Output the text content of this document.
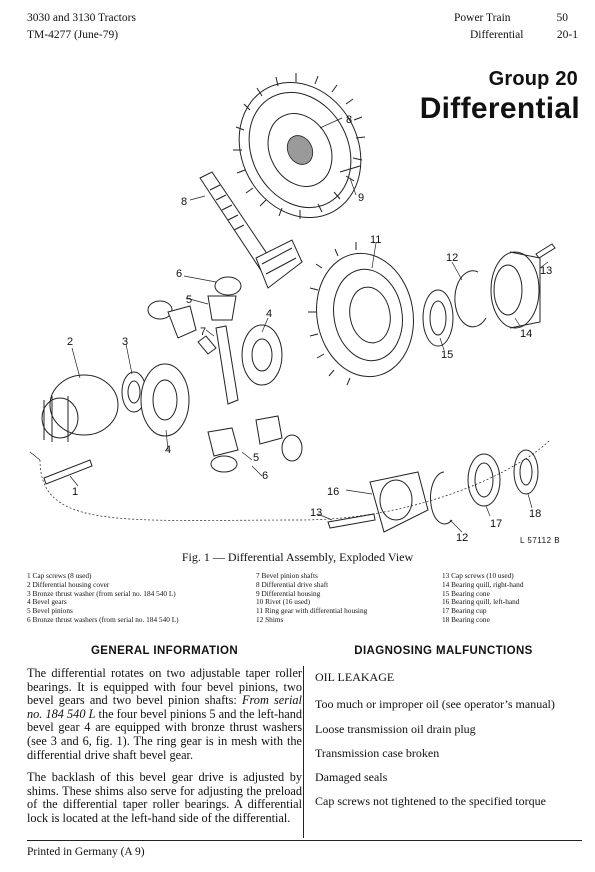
3030 and 3130 Tractors
TM-4277 (June-79)
Power Train	50
Differential	20-1
Group 20
Differential
8
9
8
11
12
13
14
15
6
5
7
4
2	3
4
5
6
1	16
13
17
18
12	L 57112 B
Fig. 1 — Differential Assembly, Exploded View
1 Cap screws (8 used)
2 Differential housing cover
3 Bronze thrust washer (from serial no. 184 540 L)
4 Bevel gears
5 Bevel pinions
6 Bronze thrust washers (from serial no. 184 540 L)
7 Bevel pinion shafts
8 Differential drive shaft
9 Differential housing
10 Rivet (16 used)
11 Ring gear with differential housing
12 Shims
13 Cap screws (10 used)
14 Bearing quill, right-hand
15 Bearing cone
16 Bearing quill, left-hand
17 Bearing cup
18 Bearing cone
GENERAL INFORMATION	DIAGNOSING MALFUNCTIONS
The differential rotates on two adjustable taper roller bearings. It is equipped with four bevel pinions, two bevel gears and two bevel pinion shafts: From serial no. 184 540 L the four bevel pinions 5 and the left-hand bevel gear 4 are equipped with bronze thrust washers (see 3 and 6, fig. 1). The ring gear is in mesh with the differential drive shaft bevel gear.
The backlash of this bevel gear drive is adjusted by shims. These shims also serve for adjusting the preload of the differential taper roller bearings. A differential lock is located at the left-hand side of the differential.
OIL LEAKAGE
Too much or improper oil (see operator’s manual)
Loose transmission oil drain plug
Transmission case broken
Damaged seals
Cap screws not tightened to the specified torque
Printed in Germany (A 9)
